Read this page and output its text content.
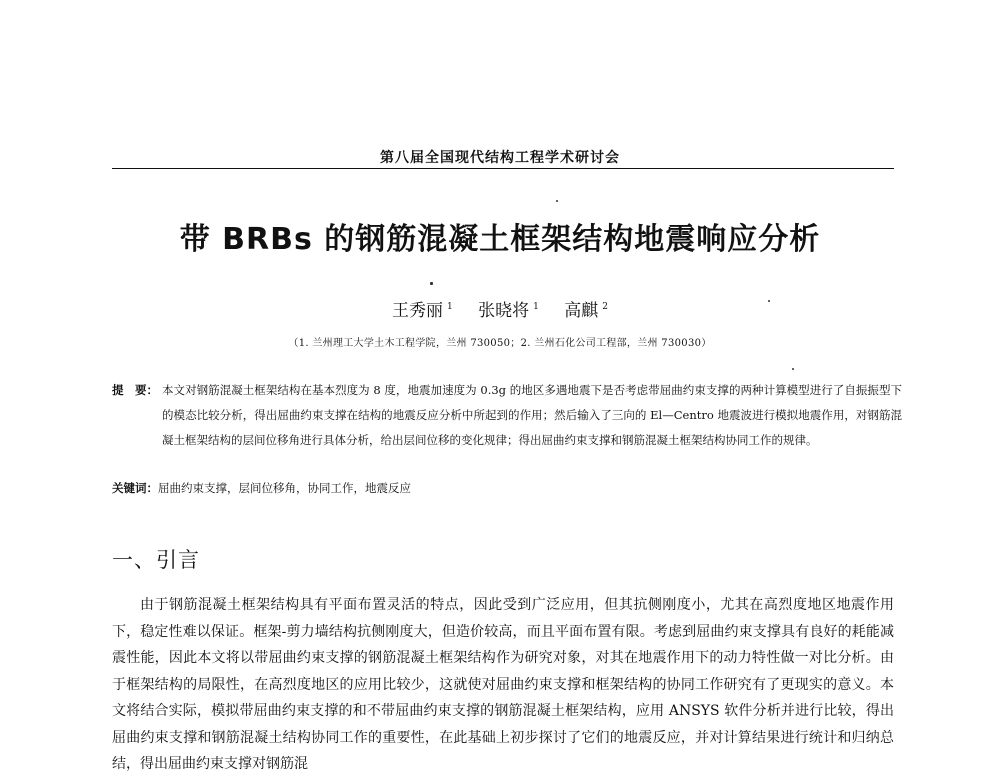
第八届全国现代结构工程学术研讨会
带 BRBs 的钢筋混凝土框架结构地震响应分析
王秀丽 $^1$ 张晓将 $^1$ 高麒 $^2$
（1. 兰州理工大学土木工程学院，兰州 730050；2. 兰州石化公司工程部，兰州 730030）
提　要： 本文对钢筋混凝土框架结构在基本烈度为 8 度，地震加速度为 0.3g 的地区多遇地震下是否考虑带屈曲约束支撑的两种计算模型进行了自振振型下的模态比较分析，得出屈曲约束支撑在结构的地震反应分析中所起到的作用；然后输入了三向的 El—Centro 地震波进行模拟地震作用，对钢筋混凝土框架结构的层间位移角进行具体分析，给出层间位移的变化规律；得出屈曲约束支撑和钢筋混凝土框架结构协同工作的规律。
关键词：屈曲约束支撑，层间位移角，协同工作，地震反应
一、引言
由于钢筋混凝土框架结构具有平面布置灵活的特点，因此受到广泛应用，但其抗侧刚度小，尤其在高烈度地区地震作用下，稳定性难以保证。框架-剪力墙结构抗侧刚度大，但造价较高，而且平面布置有限。考虑到屈曲约束支撑具有良好的耗能减震性能，因此本文将以带屈曲约束支撑的钢筋混凝土框架结构作为研究对象，对其在地震作用下的动力特性做一对比分析。由于框架结构的局限性，在高烈度地区的应用比较少，这就使对屈曲约束支撑和框架结构的协同工作研究有了更现实的意义。本文将结合实际，模拟带屈曲约束支撑的和不带屈曲约束支撑的钢筋混凝土框架结构，应用 ANSYS 软件分析并进行比较，得出屈曲约束支撑和钢筋混凝土结构协同工作的重要性，在此基础上初步探讨了它们的地震反应，并对计算结果进行统计和归纳总结，得出屈曲约束支撑对钢筋混
